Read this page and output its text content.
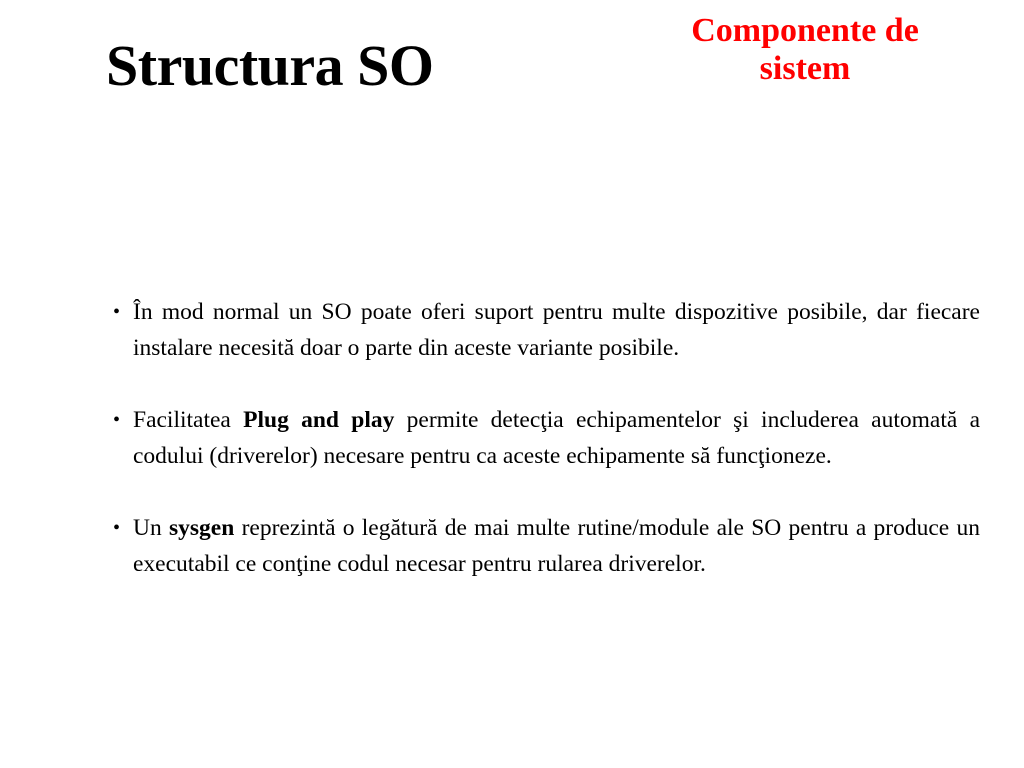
Structura SO
Componente de
sistem
• În mod normal un SO poate oferi suport pentru multe dispozitive posibile, dar fiecare instalare necesită doar o parte din aceste variante posibile.
• Facilitatea Plug and play permite detecţia echipamentelor şi includerea automată a codului (driverelor) necesare pentru ca aceste echipamente să funcţioneze.
• Un sysgen reprezintă o legătură de mai multe rutine/module ale SO pentru a produce un executabil ce conţine codul necesar pentru rularea driverelor.
